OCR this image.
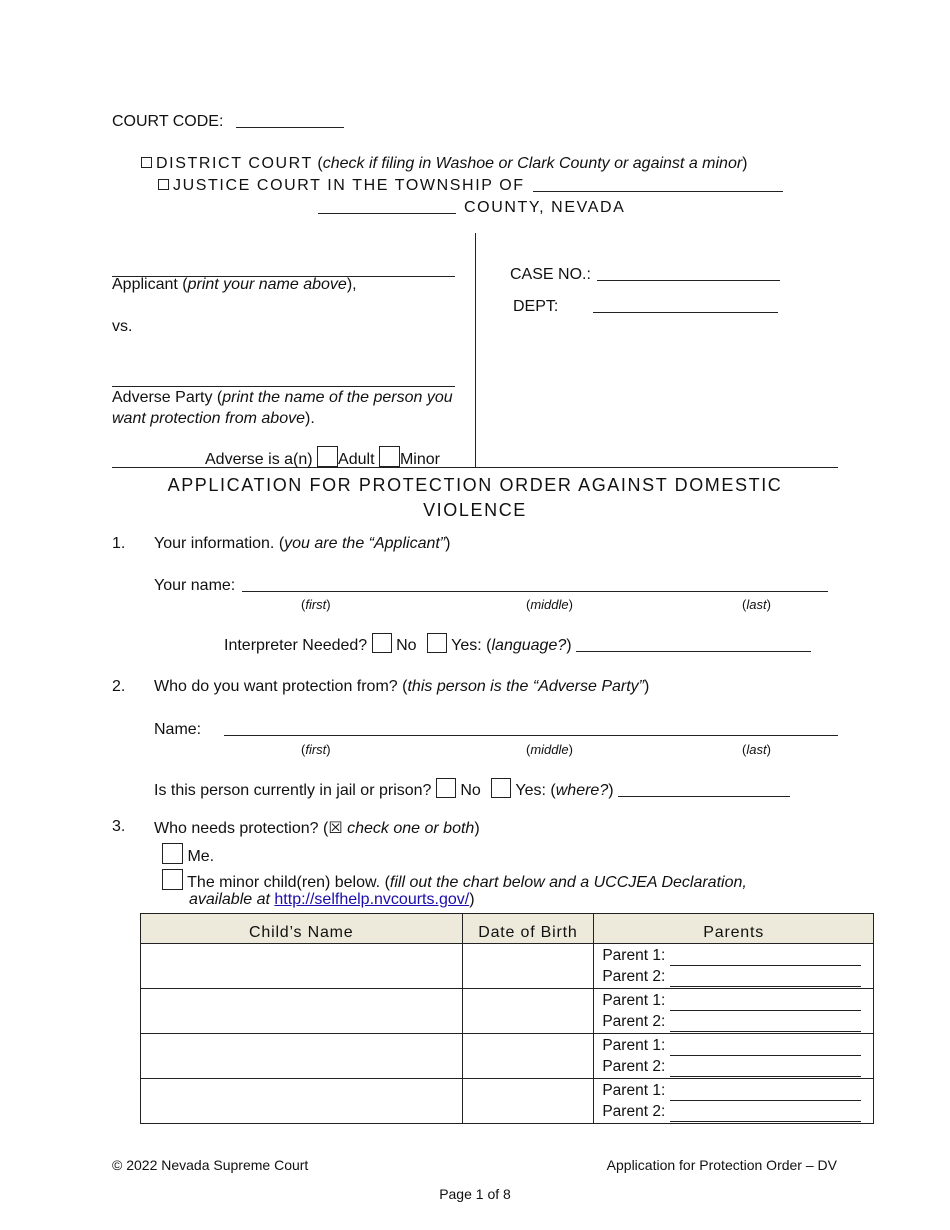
COURT CODE:
DISTRICT COURT (check if filing in Washoe or Clark County or against a minor)
JUSTICE COURT IN THE TOWNSHIP OF
COUNTY, NEVADA
Applicant (print your name above),
vs.
Adverse Party (print the name of the person you
want protection from above).
Adverse is a(n) Adult Minor
CASE NO.:
DEPT:
APPLICATION FOR PROTECTION ORDER AGAINST DOMESTIC
VIOLENCE
1. Your information. (you are the “Applicant”)
Your name:
(first)	(middle)	(last)
Interpreter Needed? No Yes: (language?)
2. Who do you want protection from? (this person is the “Adverse Party”)
Name:
(first)	(middle)	(last)
Is this person currently in jail or prison? No Yes: (where?)
3. Who needs protection? (☒ check one or both)
Me.
The minor child(ren) below. (fill out the chart below and a UCCJEA Declaration,
available at http://selfhelp.nvcourts.gov/)
Child’s Name	Date of Birth	Parents

		Parent 1:
Parent 2:

		Parent 1:
Parent 2:

		Parent 1:
Parent 2:

		Parent 1:
Parent 2:
© 2022 Nevada Supreme Court	Application for Protection Order – DV
Page 1 of 8
